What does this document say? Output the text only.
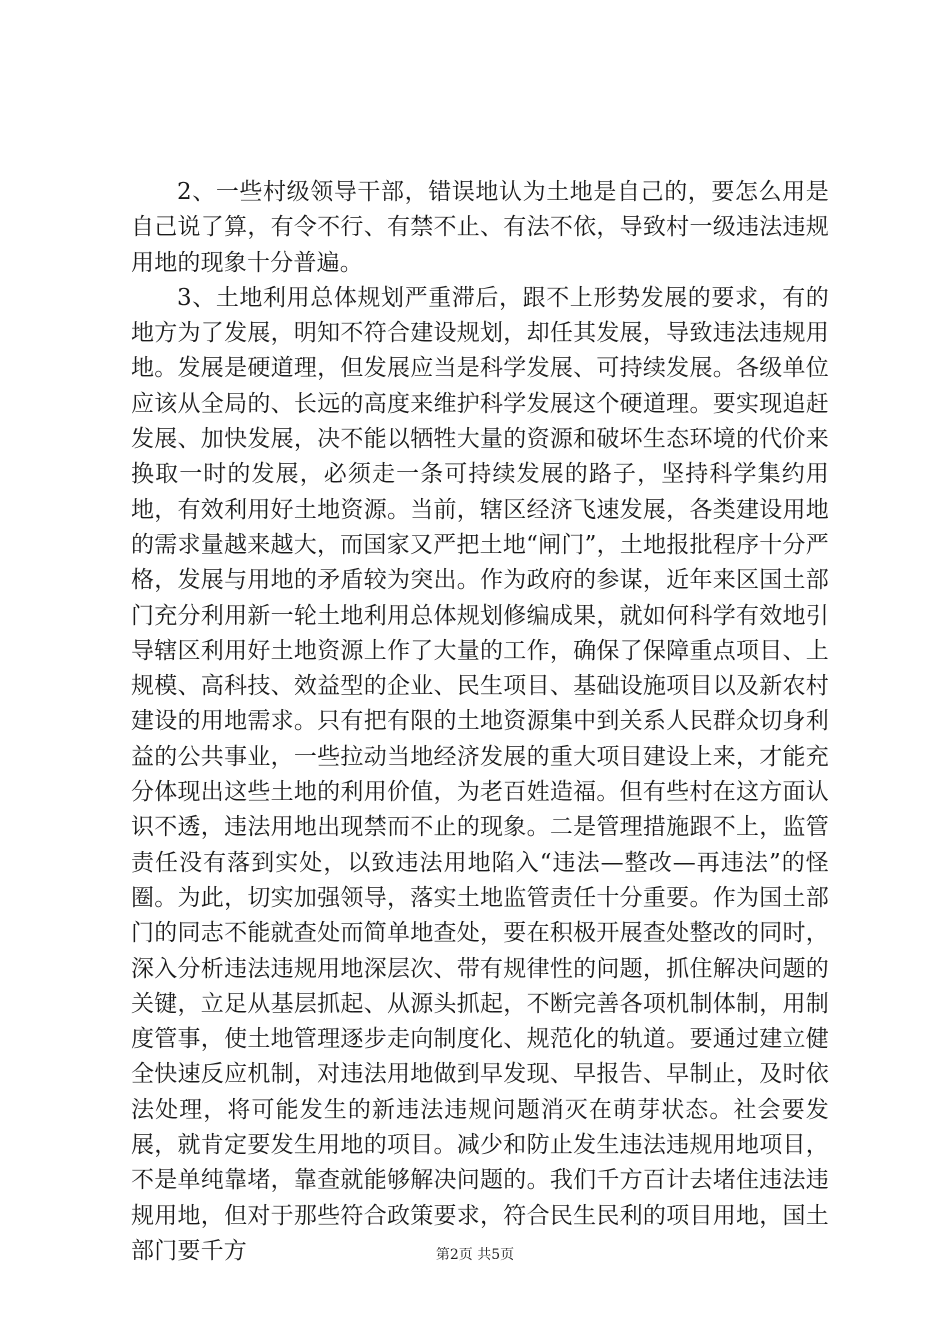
2、一些村级领导干部，错误地认为土地是自己的，要怎么用是自己说了算，有令不行、有禁不止、有法不依，导致村一级违法违规用地的现象十分普遍。

3、土地利用总体规划严重滞后，跟不上形势发展的要求，有的地方为了发展，明知不符合建设规划，却任其发展，导致违法违规用地。发展是硬道理，但发展应当是科学发展、可持续发展。各级单位应该从全局的、长远的高度来维护科学发展这个硬道理。要实现追赶发展、加快发展，决不能以牺牲大量的资源和破坏生态环境的代价来换取一时的发展，必须走一条可持续发展的路子，坚持科学集约用地，有效利用好土地资源。当前，辖区经济飞速发展，各类建设用地的需求量越来越大，而国家又严把土地“闸门”，土地报批程序十分严格，发展与用地的矛盾较为突出。作为政府的参谋，近年来区国土部门充分利用新一轮土地利用总体规划修编成果，就如何科学有效地引导辖区利用好土地资源上作了大量的工作，确保了保障重点项目、上规模、高科技、效益型的企业、民生项目、基础设施项目以及新农村建设的用地需求。只有把有限的土地资源集中到关系人民群众切身利益的公共事业，一些拉动当地经济发展的重大项目建设上来，才能充分体现出这些土地的利用价值，为老百姓造福。但有些村在这方面认识不透，违法用地出现禁而不止的现象。二是管理措施跟不上，监管责任没有落到实处，以致违法用地陷入“违法—整改—再违法”的怪圈。为此，切实加强领导，落实土地监管责任十分重要。作为国土部门的同志不能就查处而简单地查处，要在积极开展查处整改的同时，深入分析违法违规用地深层次、带有规律性的问题，抓住解决问题的关键，立足从基层抓起、从源头抓起，不断完善各项机制体制，用制度管事，使土地管理逐步走向制度化、规范化的轨道。要通过建立健全快速反应机制，对违法用地做到早发现、早报告、早制止，及时依法处理，将可能发生的新违法违规问题消灭在萌芽状态。社会要发展，就肯定要发生用地的项目。减少和防止发生违法违规用地项目，不是单纯靠堵，靠查就能够解决问题的。我们千方百计去堵住违法违规用地，但对于那些符合政策要求，符合民生民利的项目用地，国土部门要千方	第2页 共5页
